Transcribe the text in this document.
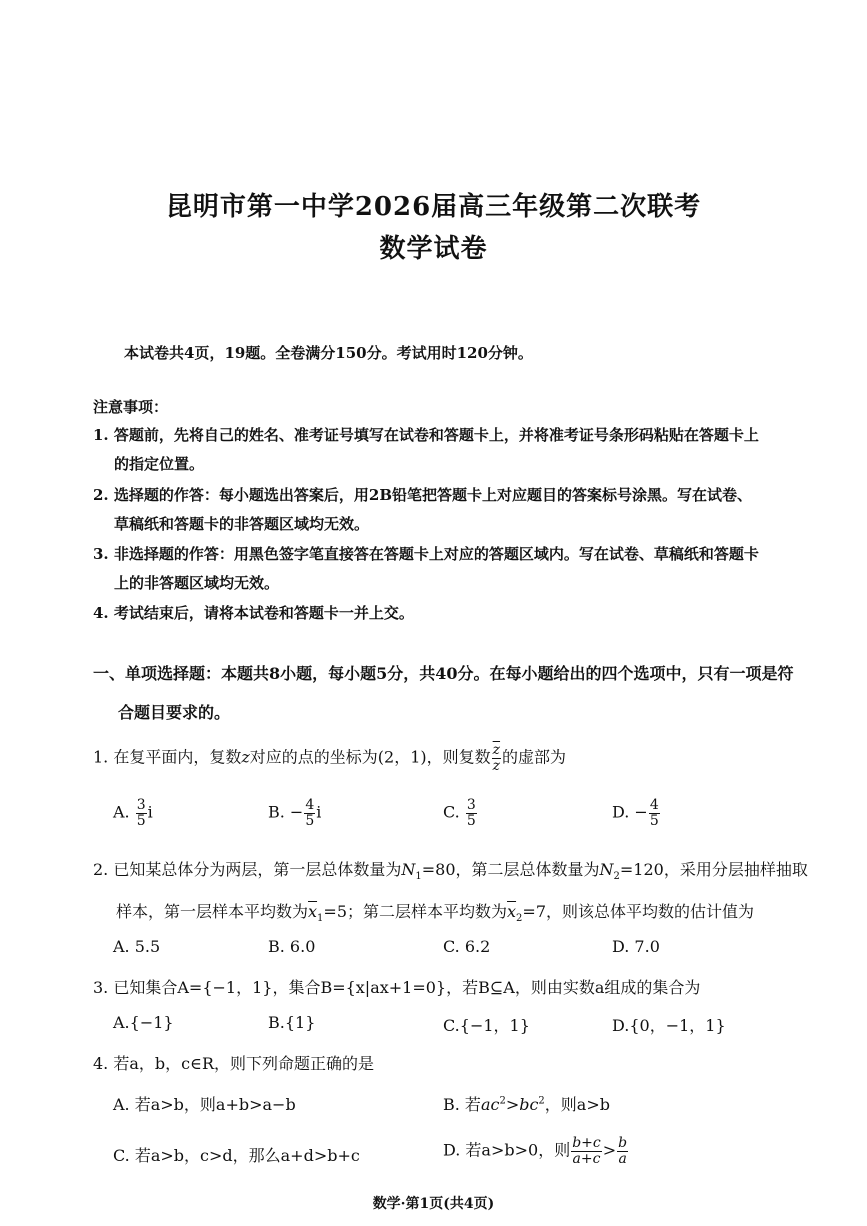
昆明市第一中学2026届高三年级第二次联考
数学试卷
本试卷共4页，19题。全卷满分150分。考试用时120分钟。
注意事项：
1. 答题前，先将自己的姓名、准考证号填写在试卷和答题卡上，并将准考证号条形码粘贴在答题卡上
的指定位置。
2. 选择题的作答：每小题选出答案后，用2B铅笔把答题卡上对应题目的答案标号涂黑。写在试卷、
草稿纸和答题卡的非答题区域均无效。
3. 非选择题的作答：用黑色签字笔直接答在答题卡上对应的答题区域内。写在试卷、草稿纸和答题卡
上的非答题区域均无效。
4. 考试结束后，请将本试卷和答题卡一并上交。
一、单项选择题：本题共8小题，每小题5分，共40分。在每小题给出的四个选项中，只有一项是符
合题目要求的。
1. 在复平面内，复数z对应的点的坐标为(2，1)，则复数 $\frac{\overline{z}}{z}$ 的虚部为
A. $\frac{3}{5}$ i	B. − $\frac{4}{5}$ i	C. $\frac{3}{5}$	D. − $\frac{4}{5}$
2. 已知某总体分为两层，第一层总体数量为$N_1=80$，第二层总体数量为$N_2=120$，采用分层抽样抽取
样本，第一层样本平均数为$\overline{x}_1=5$；第二层样本平均数为$\overline{x}_2=7$，则该总体平均数的估计值为
A. 5.5	B. 6.0	C. 6.2	D. 7.0
3. 已知集合A={−1，1}，集合B={x|ax+1=0}，若B⊆A，则由实数a组成的集合为
A.{−1}	B.{1}	C.{−1，1}	D.{0，−1，1}
4. 若a，b，c∈R，则下列命题正确的是
A. 若a>b，则a+b>a−b	B. 若$ac^2>bc^2$，则a>b
C. 若a>b，c>d，那么a+d>b+c	D. 若a>b>0，则 $\frac{b+c}{a+c} > \frac{b}{a}$
数学·第1页(共4页)
